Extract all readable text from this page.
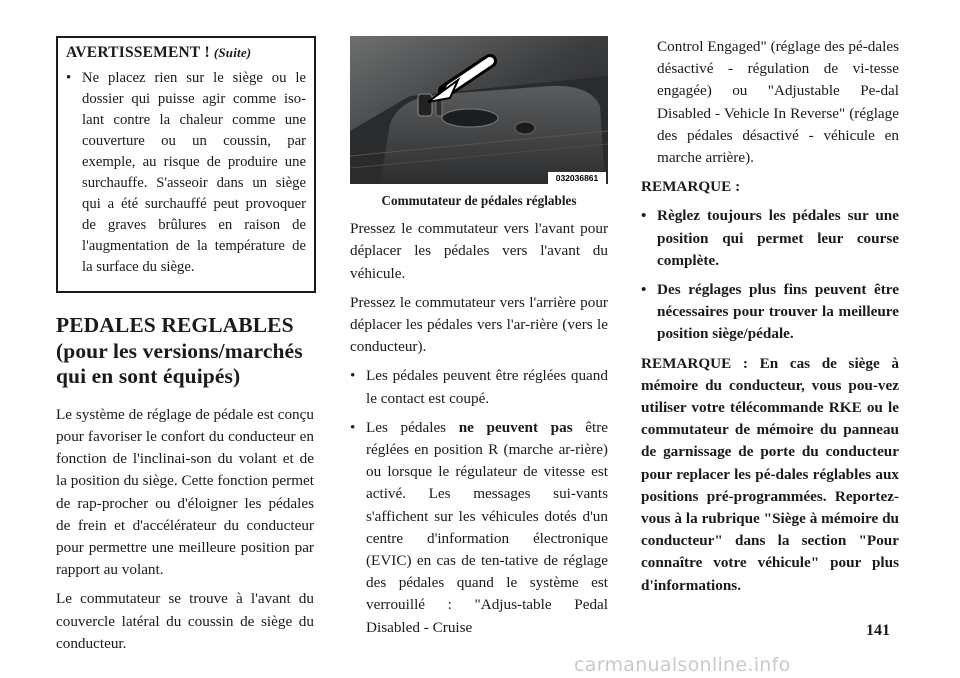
AVERTISSEMENT ! (Suite)
• Ne placez rien sur le siège ou le dossier qui puisse agir comme iso-lant contre la chaleur comme une couverture ou un coussin, par exemple, au risque de produire une surchauffe. S'asseoir dans un siège qui a été surchauffé peut provoquer de graves brûlures en raison de l'augmentation de la température de la surface du siège.
PEDALES REGLABLES (pour les versions/marchés qui en sont équipés)

Le système de réglage de pédale est conçu pour favoriser le confort du conducteur en fonction de l'inclinai-son du volant et de la position du siège. Cette fonction permet de rap-procher ou d'éloigner les pédales de frein et d'accélérateur du conducteur pour permettre une meilleure position par rapport au volant.

Le commutateur se trouve à l'avant du couvercle latéral du coussin de siège du conducteur.

032036861
Commutateur de pédales réglables

Pressez le commutateur vers l'avant pour déplacer les pédales vers l'avant du véhicule.

Pressez le commutateur vers l'arrière pour déplacer les pédales vers l'ar-rière (vers le conducteur).

• Les pédales peuvent être réglées quand le contact est coupé.
• Les pédales ne peuvent pas être réglées en position R (marche ar-rière) ou lorsque le régulateur de vitesse est activé. Les messages sui-vants s'affichent sur les véhicules dotés d'un centre d'information électronique (EVIC) en cas de ten-tative de réglage des pédales quand le système est verrouillé : "Adjus-table Pedal Disabled - Cruise

Control Engaged" (réglage des pé-dales désactivé - régulation de vi-tesse engagée) ou "Adjustable Pe-dal Disabled - Vehicle In Reverse" (réglage des pédales désactivé - véhicule en marche arrière).

REMARQUE :

• Règlez toujours les pédales sur une position qui permet leur course complète.
• Des réglages plus fins peuvent être nécessaires pour trouver la meilleure position siège/pédale.

REMARQUE : En cas de siège à mémoire du conducteur, vous pou-vez utiliser votre télécommande RKE ou le commutateur de mémoire du panneau de garnissage de porte du conducteur pour replacer les pé-dales réglables aux positions pré-programmées. Reportez-vous à la rubrique "Siège à mémoire du conducteur" dans la section "Pour connaître votre véhicule" pour plus d'informations.

141
carmanualsonline.info
